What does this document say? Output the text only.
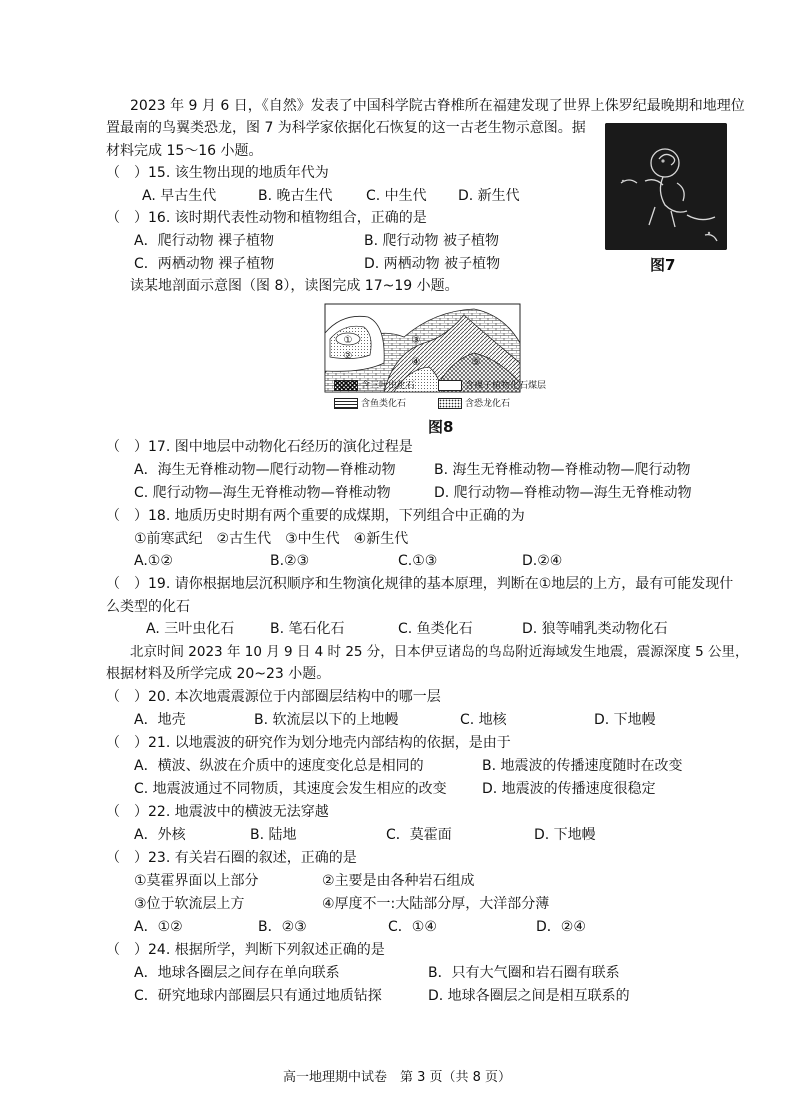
2023 年 9 月 6 日，《自然》发表了中国科学院古脊椎所在福建发现了世界上侏罗纪最晚期和地理位
置最南的鸟翼类恐龙，图 7 为科学家依据化石恢复的这一古老生物示意图。据
材料完成 15～16 小题。
图7
（　）15. 该生物出现的地质年代为
A. 早古生代	B. 晚古生代 C. 中生代 D. 新生代
（　）16. 该时期代表性动物和植物组合，正确的是
A．爬行动物 裸子植物	B. 爬行动物 被子植物
C．两栖动物 裸子植物	D. 两栖动物 被子植物
读某地剖面示意图（图 8），读图完成 17~19 小题。
①
②
③
④	⑤
含三叶虫化石	含裸子植物化石煤层
含鱼类化石	含恐龙化石
图8
（　）17. 图中地层中动物化石经历的演化过程是
A．海生无脊椎动物—爬行动物—脊椎动物	B. 海生无脊椎动物—脊椎动物—爬行动物
C. 爬行动物—海生无脊椎动物—脊椎动物	D. 爬行动物—脊椎动物—海生无脊椎动物
（　）18. 地质历史时期有两个重要的成煤期，下列组合中正确的为
①前寒武纪　②古生代　③中生代　④新生代
A.①②	B.②③	C.①③	D.②④
（　）19. 请你根据地层沉积顺序和生物演化规律的基本原理，判断在①地层的上方，最有可能发现什
么类型的化石
A. 三叶虫化石	B. 笔石化石	C. 鱼类化石	D. 狼等哺乳类动物化石
北京时间 2023 年 10 月 9 日 4 时 25 分，日本伊豆诸岛的鸟岛附近海域发生地震，震源深度 5 公里，
根据材料及所学完成 20~23 小题。
（　）20. 本次地震震源位于内部圈层结构中的哪一层
A．地壳	B. 软流层以下的上地幔	C. 地核	D. 下地幔
（　）21. 以地震波的研究作为划分地壳内部结构的依据，是由于
A．横波、纵波在介质中的速度变化总是相同的	B. 地震波的传播速度随时在改变
C. 地震波通过不同物质，其速度会发生相应的改变	D. 地震波的传播速度很稳定
（　）22. 地震波中的横波无法穿越
A．外核	B. 陆地	C．莫霍面	D. 下地幔
（　）23. 有关岩石圈的叙述，正确的是
①莫霍界面以上部分	②主要是由各种岩石组成
③位于软流层上方	④厚度不一:大陆部分厚，大洋部分薄
A．①②	B．②③	C．①④	D．②④
（　）24. 根据所学，判断下列叙述正确的是
A．地球各圈层之间存在单向联系	B．只有大气圈和岩石圈有联系
C．研究地球内部圈层只有通过地质钻探	D. 地球各圈层之间是相互联系的
高一地理期中试卷　第 3 页（共 8 页）
